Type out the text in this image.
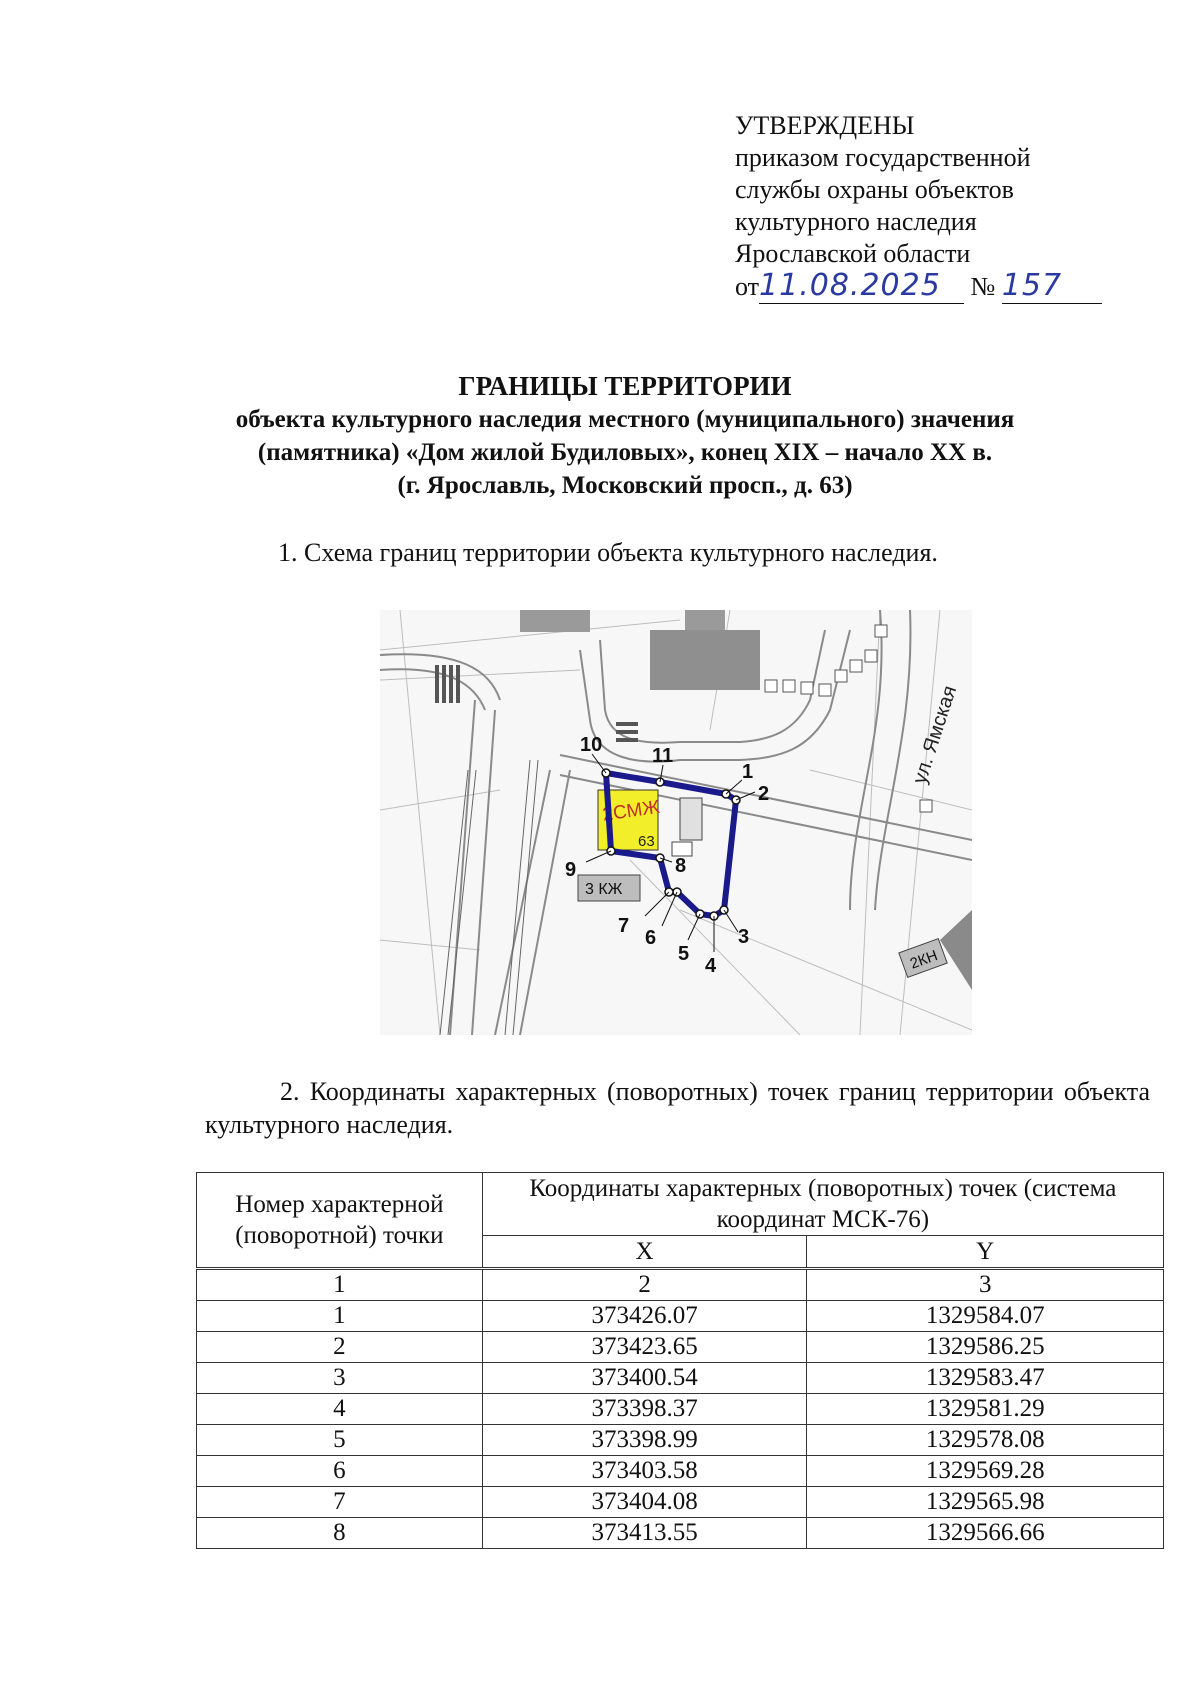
УТВЕРЖДЕНЫ
приказом государственной
службы охраны объектов
культурного наследия
Ярославской области
от11.08.2025 № 157
ГРАНИЦЫ ТЕРРИТОРИИ
объекта культурного наследия местного (муниципального) значения
(памятника) «Дом жилой Будиловых», конец XIX – начало XX в.
(г. Ярославль, Московский просп., д. 63)
1. Схема границ территории объекта культурного наследия.
ул. Ямская
2СМЖ
63
3 КЖ
2КН
1
2
3
4
5
6
7
8
9
10 11
2. Координаты характерных (поворотных) точек границ территории объекта культурного наследия.
Номер характерной (поворотной) точки	Координаты характерных (поворотных) точек (система координат МСК-76)	
	X	Y
1	2	3
1	373426.07	1329584.07
2	373423.65	1329586.25
3	373400.54	1329583.47
4	373398.37	1329581.29
5	373398.99	1329578.08
6	373403.58	1329569.28
7	373404.08	1329565.98
8	373413.55	1329566.66
